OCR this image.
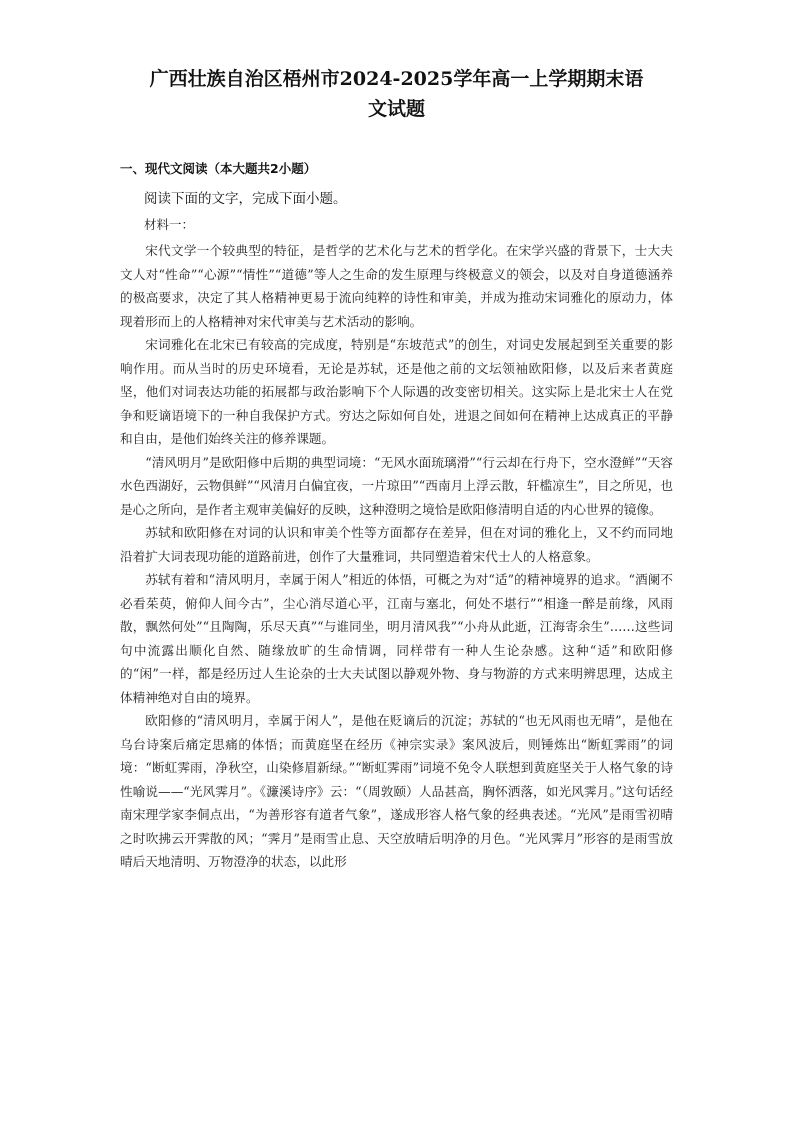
广西壮族自治区梧州市2024-2025学年高一上学期期末语
文试题
一、现代文阅读（本大题共2小题）
阅读下面的文字，完成下面小题。
材料一：

宋代文学一个较典型的特征，是哲学的艺术化与艺术的哲学化。在宋学兴盛的背景下，士大夫文人对“性命”“心源”“情性”“道德”等人之生命的发生原理与终极意义的领会，以及对自身道德涵养的极高要求，决定了其人格精神更易于流向纯粹的诗性和审美，并成为推动宋词雅化的原动力，体现着形而上的人格精神对宋代审美与艺术活动的影响。

宋词雅化在北宋已有较高的完成度，特别是“东坡范式”的创生，对词史发展起到至关重要的影响作用。而从当时的历史环境看，无论是苏轼，还是他之前的文坛领袖欧阳修，以及后来者黄庭坚，他们对词表达功能的拓展都与政治影响下个人际遇的改变密切相关。这实际上是北宋士人在党争和贬谪语境下的一种自我保护方式。穷达之际如何自处，进退之间如何在精神上达成真正的平静和自由，是他们始终关注的修养课题。

“清风明月”是欧阳修中后期的典型词境：“无风水面琉璃滑”“行云却在行舟下，空水澄鲜”“天容水色西湖好，云物俱鲜”“风清月白偏宜夜，一片琼田”“西南月上浮云散，轩槛凉生”，目之所见，也是心之所向，是作者主观审美偏好的反映，这种澄明之境恰是欧阳修清明自适的内心世界的镜像。

苏轼和欧阳修在对词的认识和审美个性等方面都存在差异，但在对词的雅化上，又不约而同地沿着扩大词表现功能的道路前进，创作了大量雅词，共同塑造着宋代士人的人格意象。

苏轼有着和“清风明月，幸属于闲人”相近的体悟，可概之为对“适”的精神境界的追求。“酒阑不必看茱萸，俯仰人间今古”，尘心消尽道心平，江南与塞北，何处不堪行”“相逢一醉是前缘，风雨散，飘然何处”“且陶陶，乐尽天真”“与谁同坐，明月清风我”“小舟从此逝，江海寄余生”……这些词句中流露出顺化自然、随缘放旷的生命情调，同样带有一种人生论杂感。这种“适”和欧阳修的“闲”一样，都是经历过人生论杂的士大夫试图以静观外物、身与物游的方式来明辨思理，达成主体精神绝对自由的境界。

欧阳修的“清风明月，幸属于闲人”，是他在贬谪后的沉淀；苏轼的“也无风雨也无晴”，是他在乌台诗案后痛定思痛的体悟；而黄庭坚在经历《神宗实录》案风波后，则锤炼出“断虹霁雨”的词境：“断虹霁雨，净秋空，山染修眉新绿。”“断虹霁雨”词境不免令人联想到黄庭坚关于人格气象的诗性喻说——“光风霁月”。《濂溪诗序》云：“（周敦颐）人品甚高，胸怀洒落，如光风霁月。”这句话经南宋理学家李侗点出，“为善形容有道者气象”，遂成形容人格气象的经典表述。“光风”是雨雪初晴之时吹拂云开霁散的风；“霁月”是雨雪止息、天空放晴后明净的月色。“光风霁月”形容的是雨雪放晴后天地清明、万物澄净的状态，以此形
